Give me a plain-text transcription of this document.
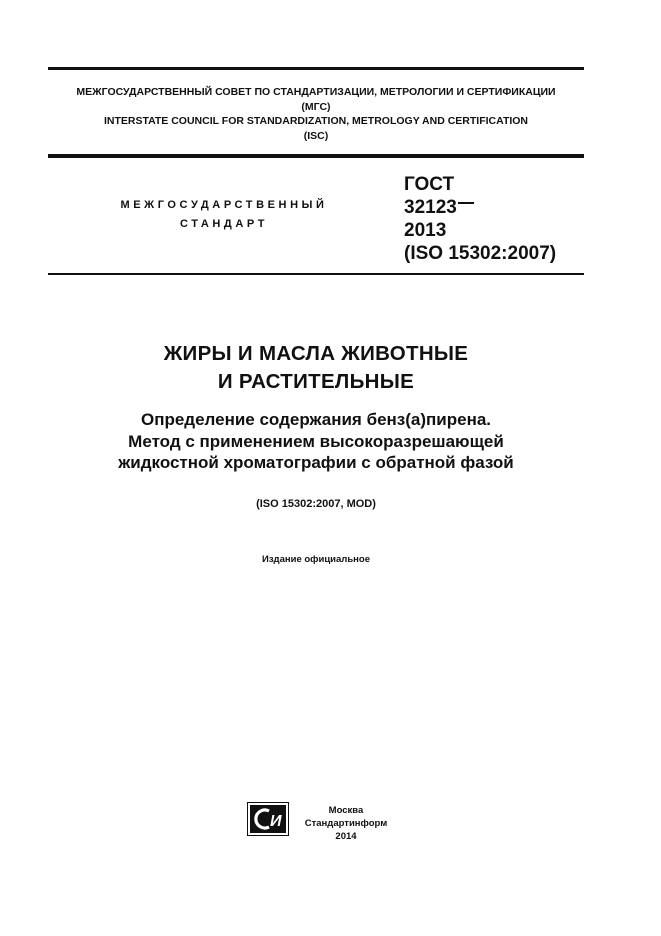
МЕЖГОСУДАРСТВЕННЫЙ СОВЕТ ПО СТАНДАРТИЗАЦИИ, МЕТРОЛОГИИ И СЕРТИФИКАЦИИ
(МГС)
INTERSTATE COUNCIL FOR STANDARDIZATION, METROLOGY AND CERTIFICATION
(ISC)
МЕЖГОСУДАРСТВЕННЫЙ
СТАНДАРТ
ГОСТ
32123
2013
(ISO 15302:2007)
ЖИРЫ И МАСЛА ЖИВОТНЫЕ
И РАСТИТЕЛЬНЫЕ
Определение содержания бенз(а)пирена.
Метод с применением высокоразрешающей
жидкостной хроматографии с обратной фазой
(ISO 15302:2007, MOD)
Издание официальное
И
Москва
Стандартинформ
2014
